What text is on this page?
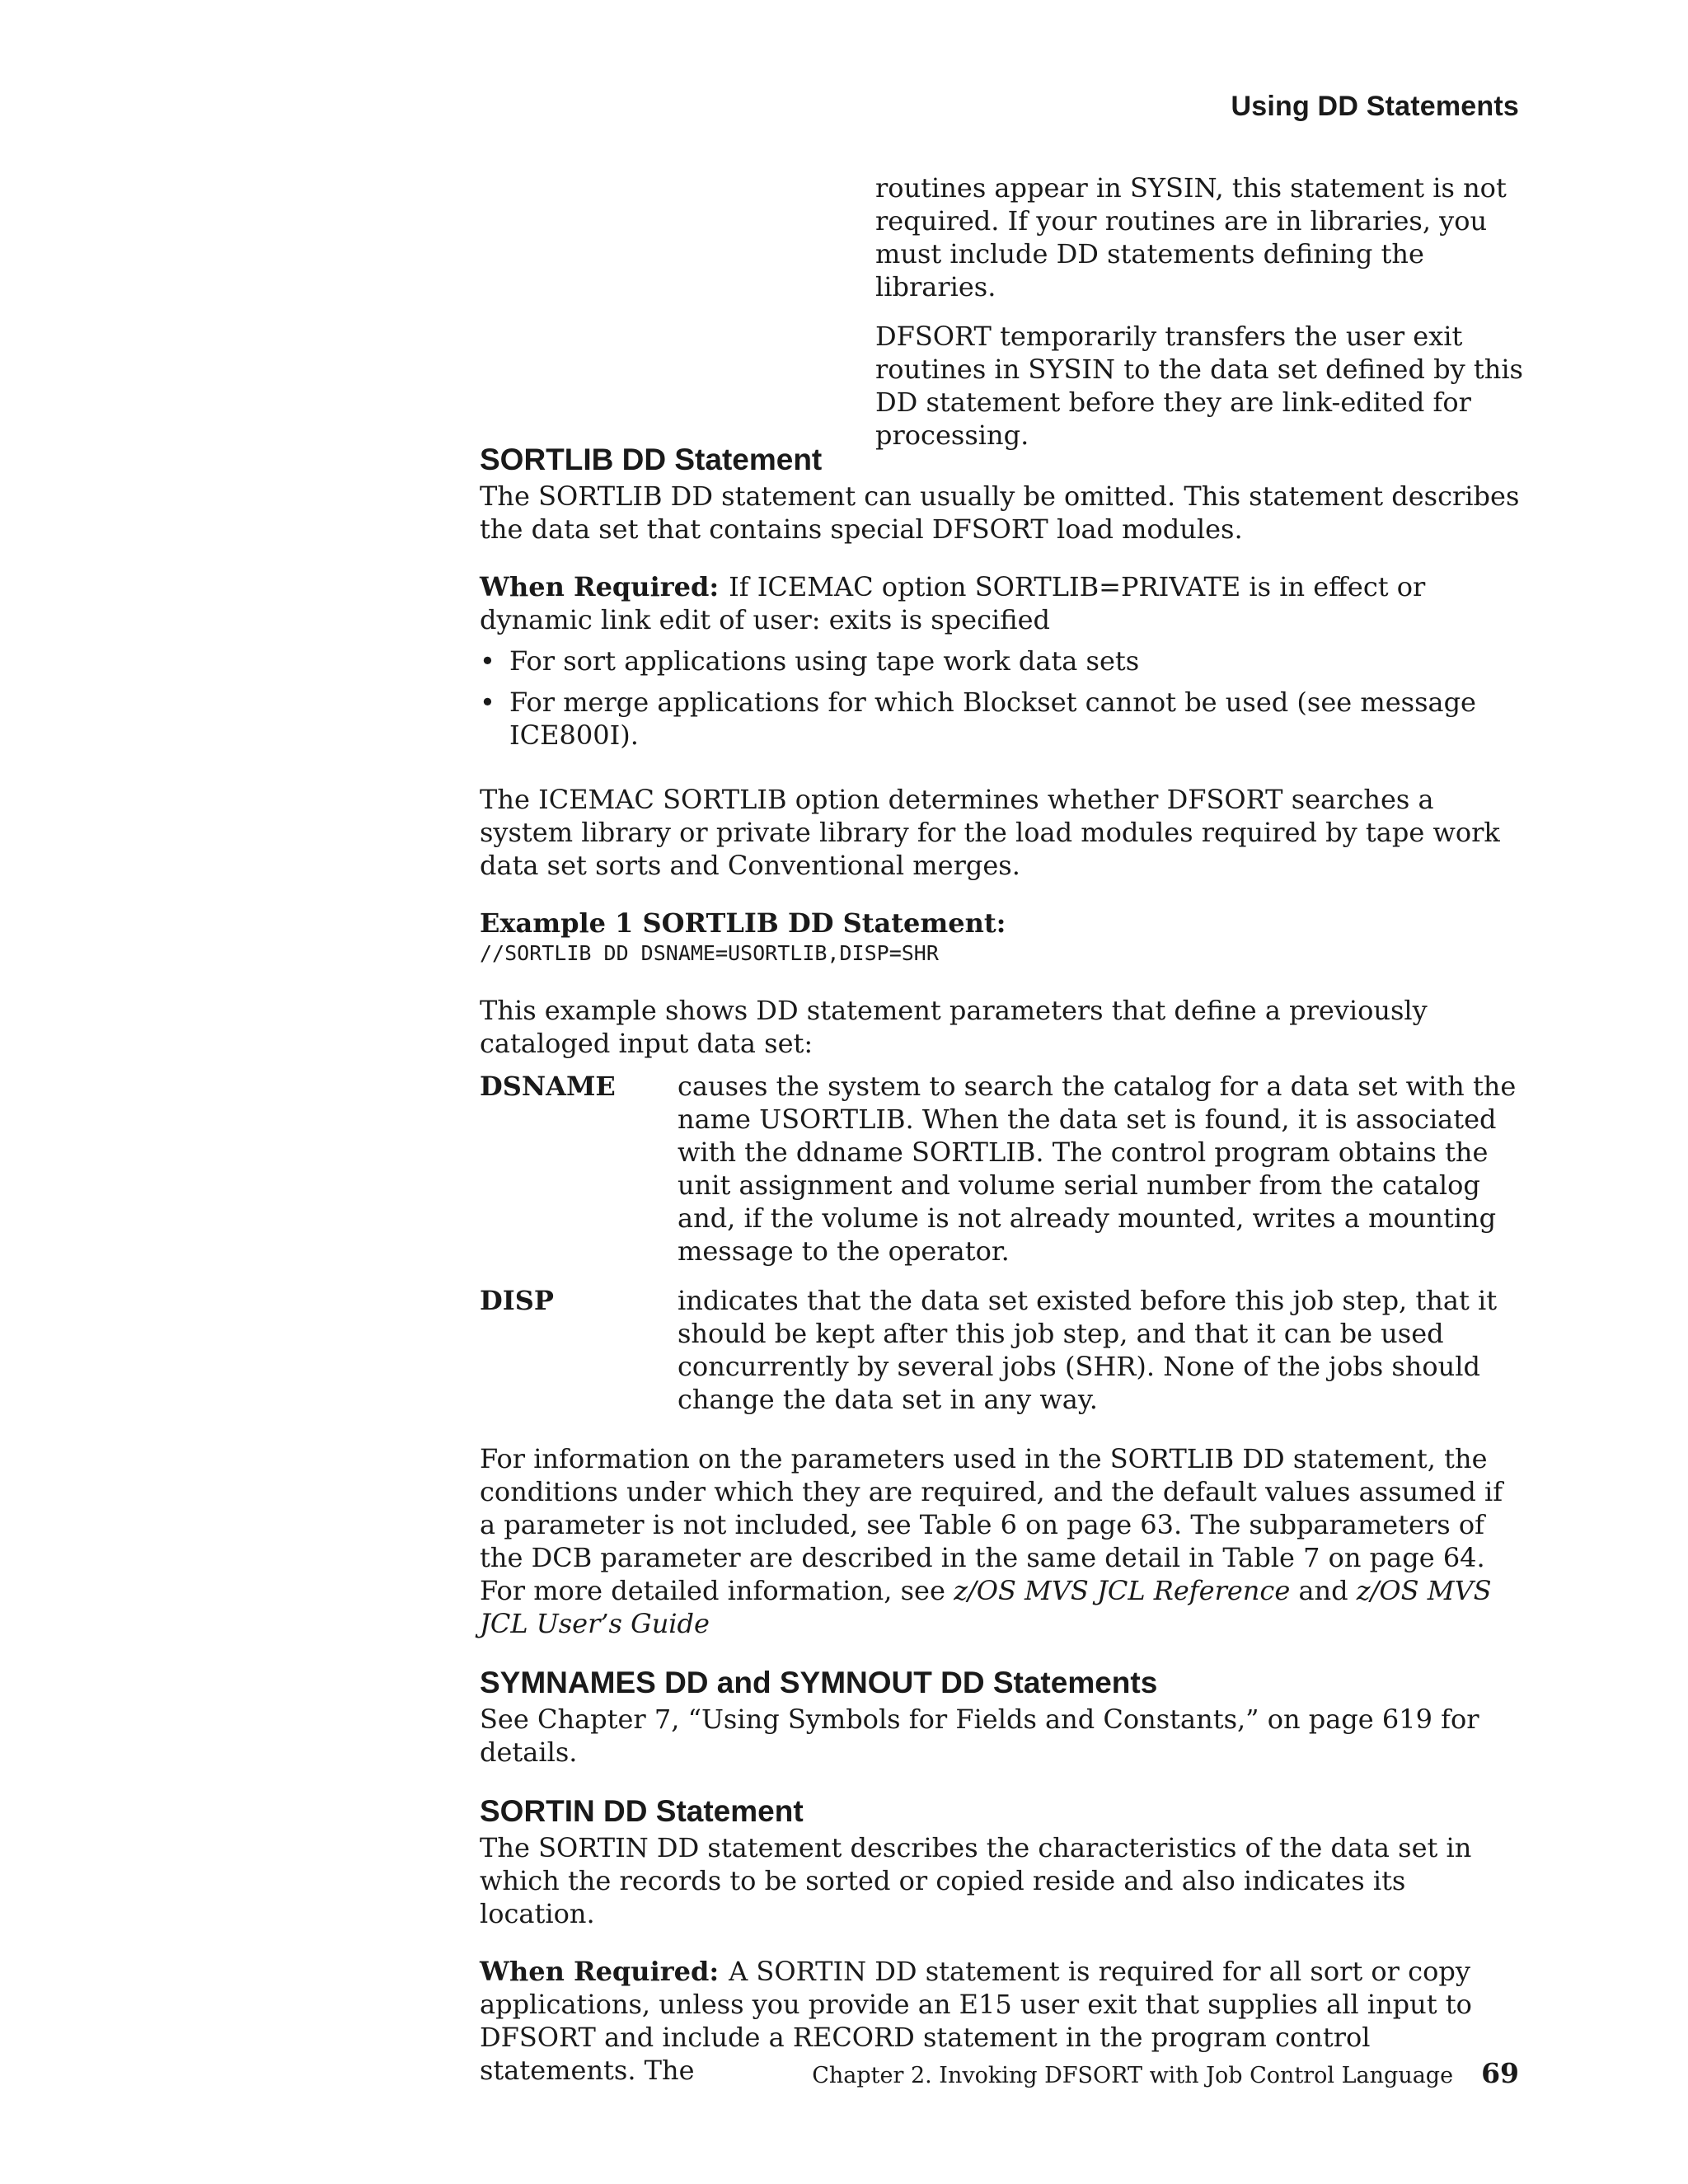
Using DD Statements

routines appear in SYSIN, this statement is not required. If your routines are in libraries, you must include DD statements defining the libraries.

DFSORT temporarily transfers the user exit routines in SYSIN to the data set defined by this DD statement before they are link-edited for processing.

SORTLIB DD Statement

The SORTLIB DD statement can usually be omitted. This statement describes the data set that contains special DFSORT load modules.

When Required: If ICEMAC option SORTLIB=PRIVATE is in effect or dynamic link edit of user: exits is specified

• For sort applications using tape work data sets
• For merge applications for which Blockset cannot be used (see message ICE800I).

The ICEMAC SORTLIB option determines whether DFSORT searches a system library or private library for the load modules required by tape work data set sorts and Conventional merges.

Example 1 SORTLIB DD Statement:

//SORTLIB DD DSNAME=USORTLIB,DISP=SHR

This example shows DD statement parameters that define a previously cataloged input data set:

DSNAME	causes the system to search the catalog for a data set with the name USORTLIB. When the data set is found, it is associated with the ddname SORTLIB. The control program obtains the unit assignment and volume serial number from the catalog and, if the volume is not already mounted, writes a mounting message to the operator.
DISP	indicates that the data set existed before this job step, that it should be kept after this job step, and that it can be used concurrently by several jobs (SHR). None of the jobs should change the data set in any way.

For information on the parameters used in the SORTLIB DD statement, the conditions under which they are required, and the default values assumed if a parameter is not included, see Table 6 on page 63. The subparameters of the DCB parameter are described in the same detail in Table 7 on page 64. For more detailed information, see z/OS MVS JCL Reference and z/OS MVS JCL User’s Guide

SYMNAMES DD and SYMNOUT DD Statements

See Chapter 7, “Using Symbols for Fields and Constants,” on page 619 for details.

SORTIN DD Statement

The SORTIN DD statement describes the characteristics of the data set in which the records to be sorted or copied reside and also indicates its location.

When Required: A SORTIN DD statement is required for all sort or copy applications, unless you provide an E15 user exit that supplies all input to DFSORT and include a RECORD statement in the program control statements. The	Chapter 2. Invoking DFSORT with Job Control Language 69
